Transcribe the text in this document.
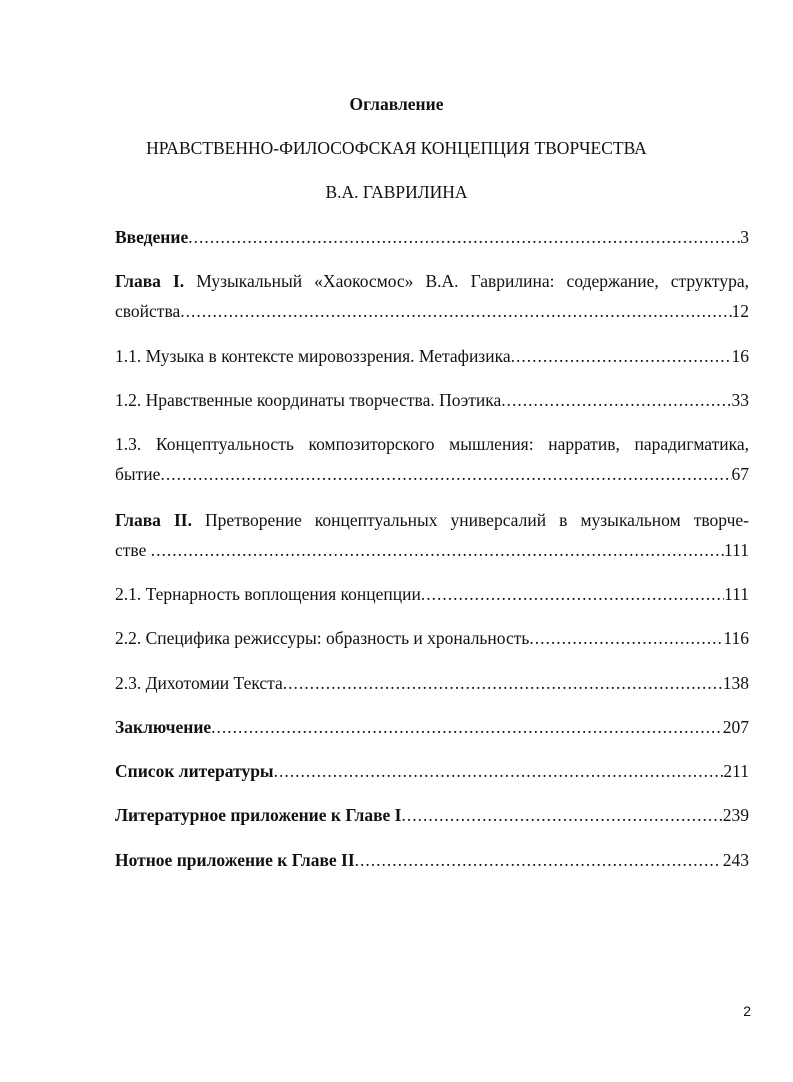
Оглавление
НРАВСТВЕННО-ФИЛОСОФСКАЯ КОНЦЕПЦИЯ ТВОРЧЕСТВА
В.А. ГАВРИЛИНА
Введение .....	3
Глава I. Музыкальный «Хаокосмос» В.А. Гаврилина: содержание, структура,
свойства .....	12
1.1. Музыка в контексте мировоззрения. Метафизика .....	16
1.2. Нравственные координаты творчества. Поэтика .....	33
1.3. Концептуальность композиторского мышления: нарратив, парадигматика,
бытие .....	67
Глава II. Претворение концептуальных универсалий в музыкальном творче-
стве .....	111
2.1. Тернарность воплощения концепции .....	111
2.2. Специфика режиссуры: образность и хрональность .....	116
2.3. Дихотомии Текста .....	138
Заключение .....	207
Список литературы .....	211
Литературное приложение к Главе I .....	239
Нотное приложение к Главе II .....	243
2
